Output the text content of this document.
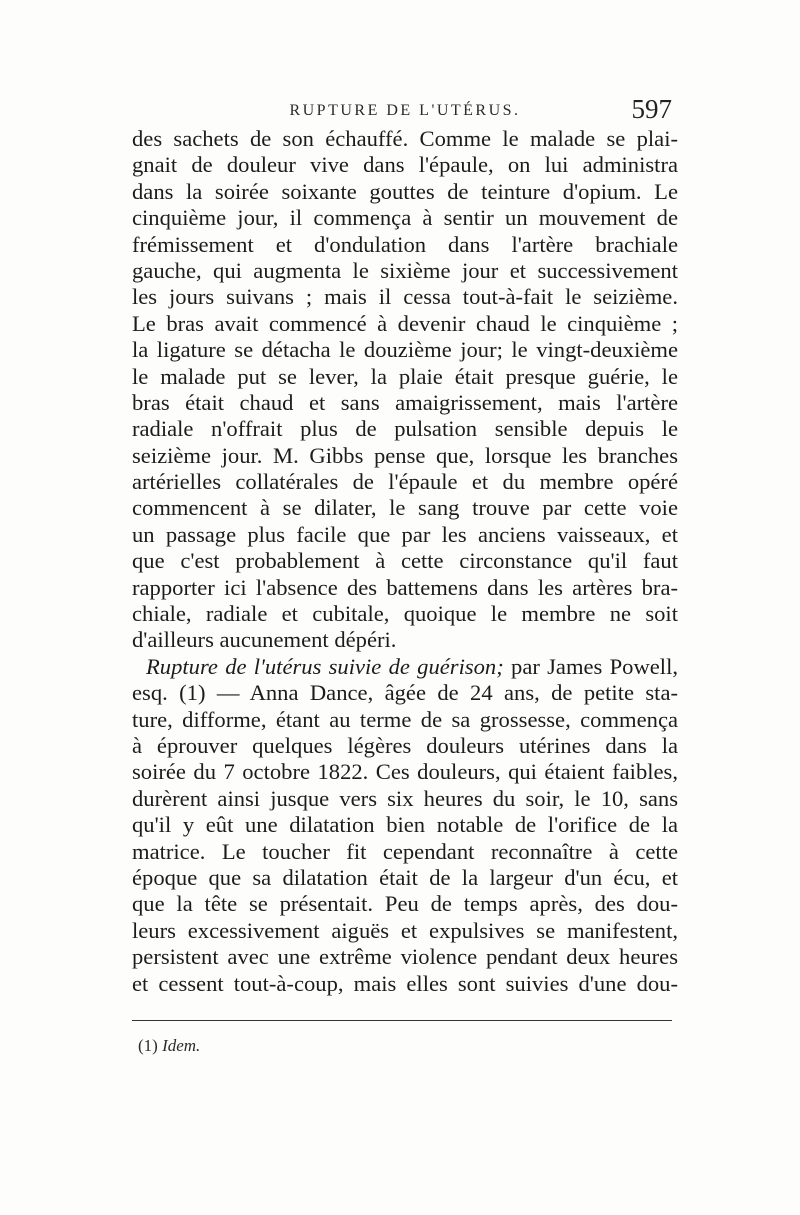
RUPTURE DE L'UTÉRUS.	597
des sachets de son échauffé. Comme le malade se plai-
gnait de douleur vive dans l'épaule, on lui administra
dans la soirée soixante gouttes de teinture d'opium. Le
cinquième jour, il commença à sentir un mouvement de
frémissement et d'ondulation dans l'artère brachiale
gauche, qui augmenta le sixième jour et successivement
les jours suivans ; mais il cessa tout-à-fait le seizième.
Le bras avait commencé à devenir chaud le cinquième ;
la ligature se détacha le douzième jour; le vingt-deuxième
le malade put se lever, la plaie était presque guérie, le
bras était chaud et sans amaigrissement, mais l'artère
radiale n'offrait plus de pulsation sensible depuis le
seizième jour. M. Gibbs pense que, lorsque les branches
artérielles collatérales de l'épaule et du membre opéré
commencent à se dilater, le sang trouve par cette voie
un passage plus facile que par les anciens vaisseaux, et
que c'est probablement à cette circonstance qu'il faut
rapporter ici l'absence des battemens dans les artères bra-
chiale, radiale et cubitale, quoique le membre ne soit
d'ailleurs aucunement dépéri.
Rupture de l'utérus suivie de guérison; par James Powell,
esq. (1) — Anna Dance, âgée de 24 ans, de petite sta-
ture, difforme, étant au terme de sa grossesse, commença
à éprouver quelques légères douleurs utérines dans la
soirée du 7 octobre 1822. Ces douleurs, qui étaient faibles,
durèrent ainsi jusque vers six heures du soir, le 10, sans
qu'il y eût une dilatation bien notable de l'orifice de la
matrice. Le toucher fit cependant reconnaître à cette
époque que sa dilatation était de la largeur d'un écu, et
que la tête se présentait. Peu de temps après, des dou-
leurs excessivement aiguës et expulsives se manifestent,
persistent avec une extrême violence pendant deux heures
et cessent tout-à-coup, mais elles sont suivies d'une dou-
(1) Idem.
